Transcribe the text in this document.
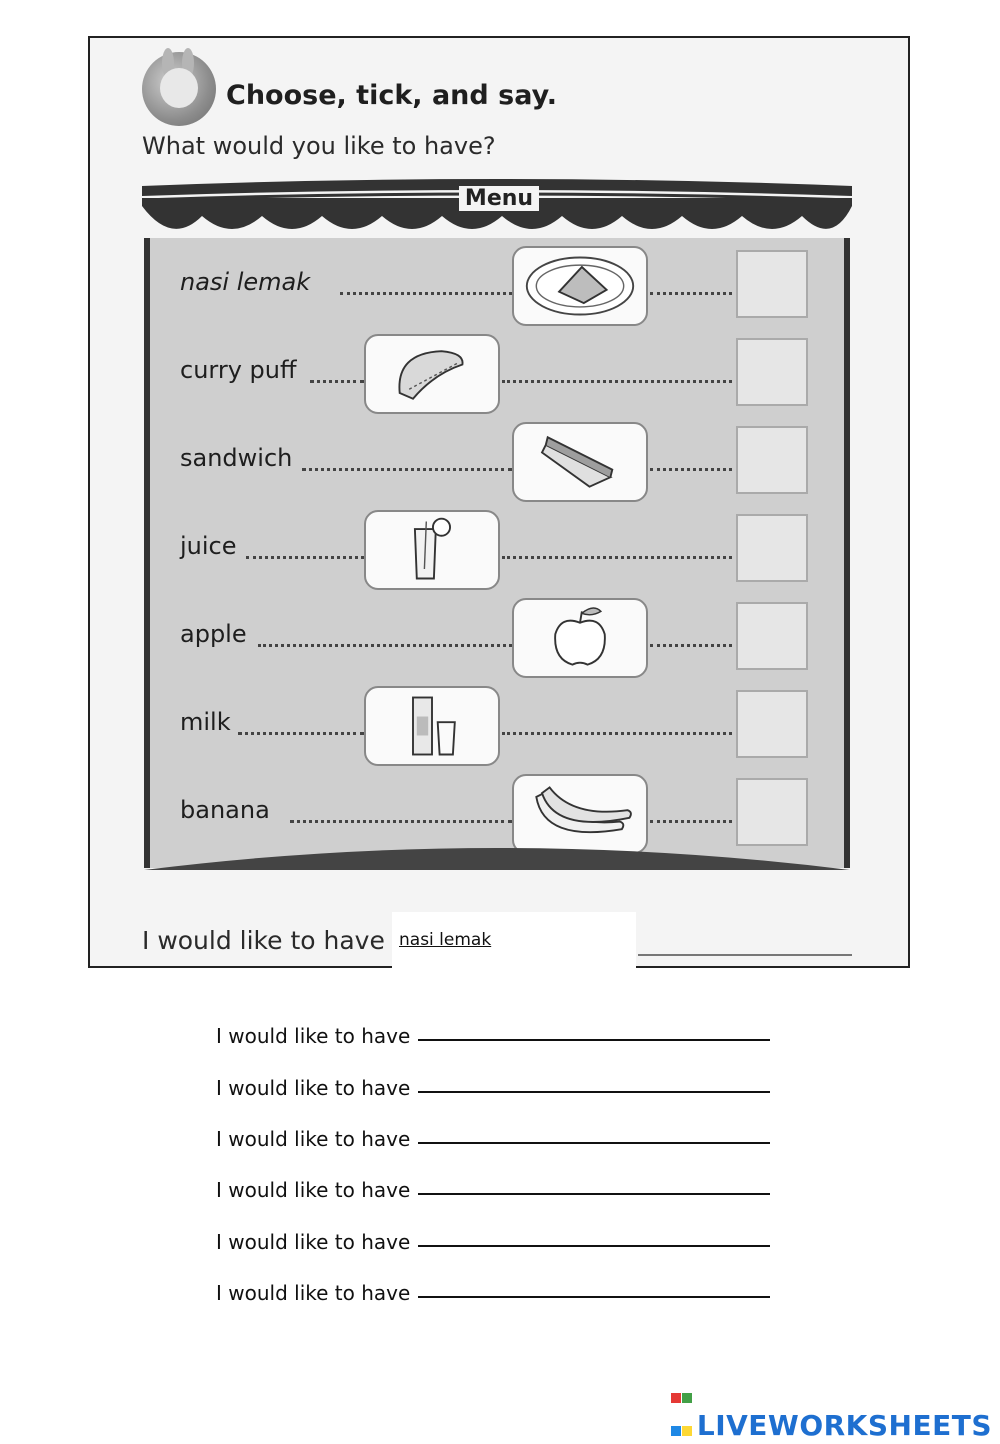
Choose, tick, and say.
What would you like to have?
Menu
nasi lemak
curry puff
sandwich
juice
apple
milk
banana
I would like to have nasi lemak
I would like to have
I would like to have
I would like to have
I would like to have
I would like to have
I would like to have
LIVEWORKSHEETS
